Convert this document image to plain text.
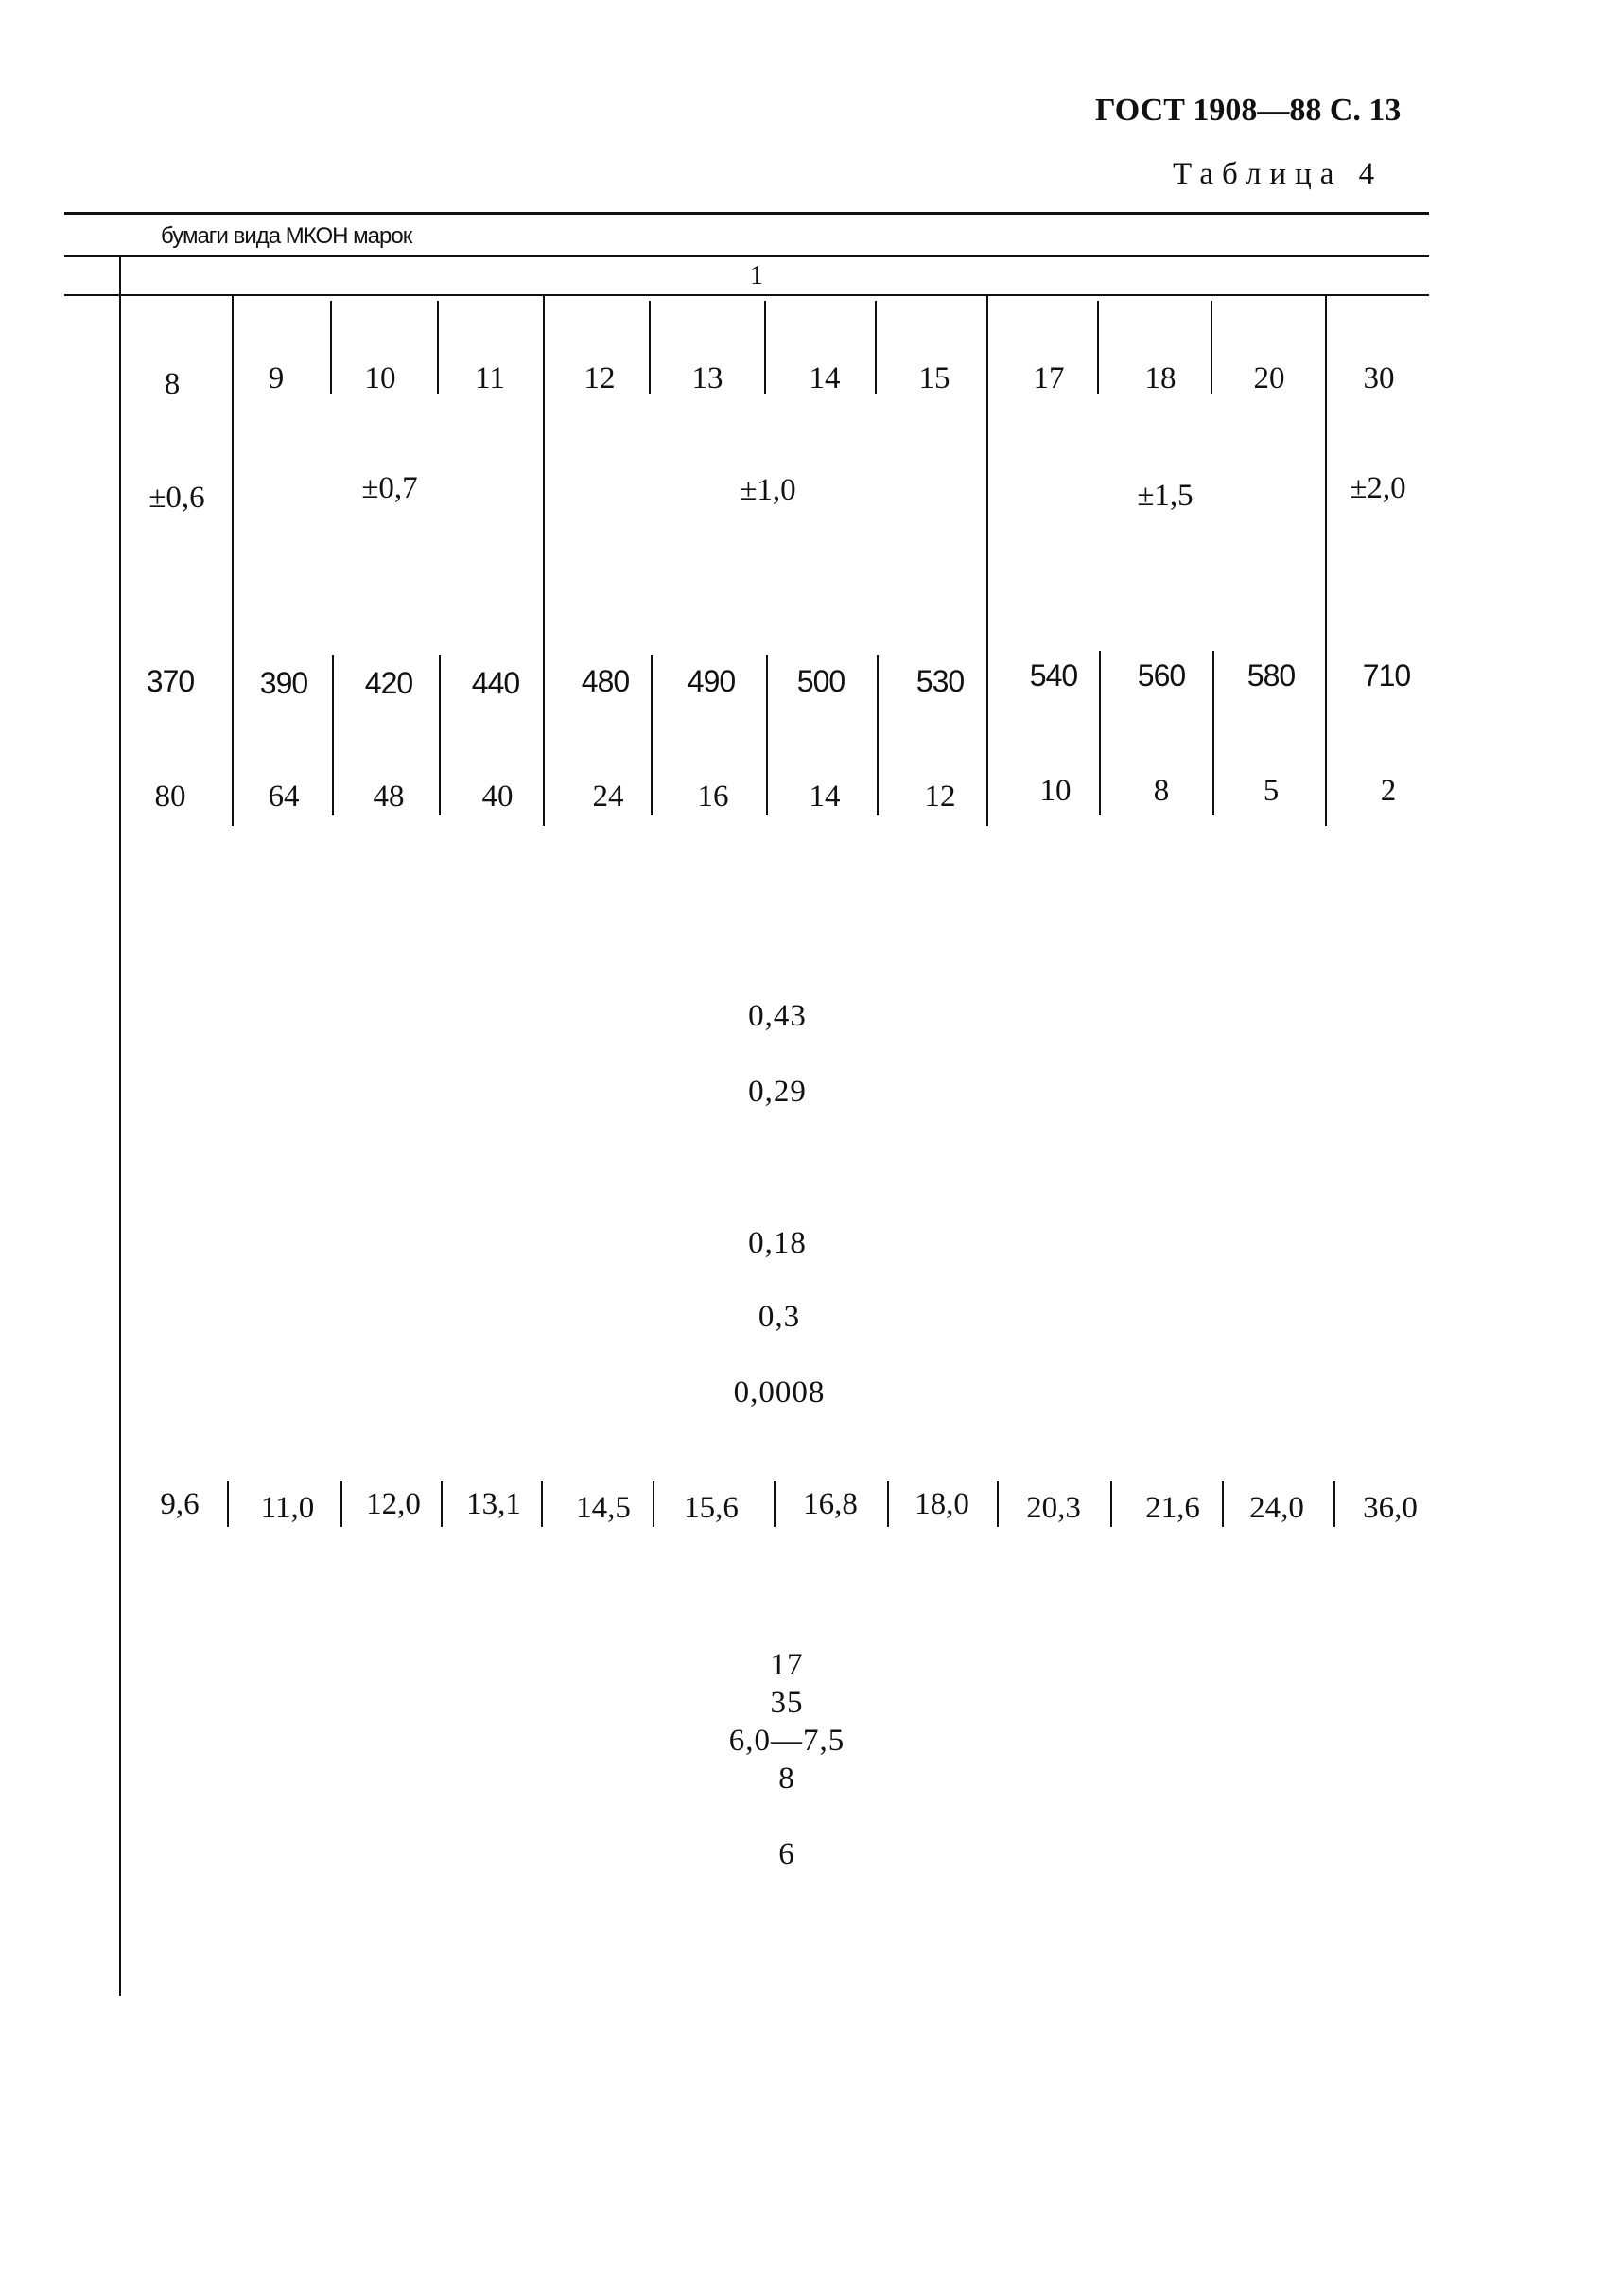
ГОСТ 1908—88 С. 13
Таблица 4
бумаги вида МКОН марок
1
8	9	10	11	12 13	14	15	17	18 20	30
±0,6	±0,7	±1,0	±1,5	±2,0
370 390 420 440 480 490 500 530 540 560 580 710
80	64 48 40	24 16	14	12	10	8	5	2
0,43
0,29
0,18
0,3
0,0008
9,6 11,0 12,0 13,1 14,5 15,6 16,8 18,0 20,3 21,6 24,0 36,0
17
35
6,0—7,5
8
6
